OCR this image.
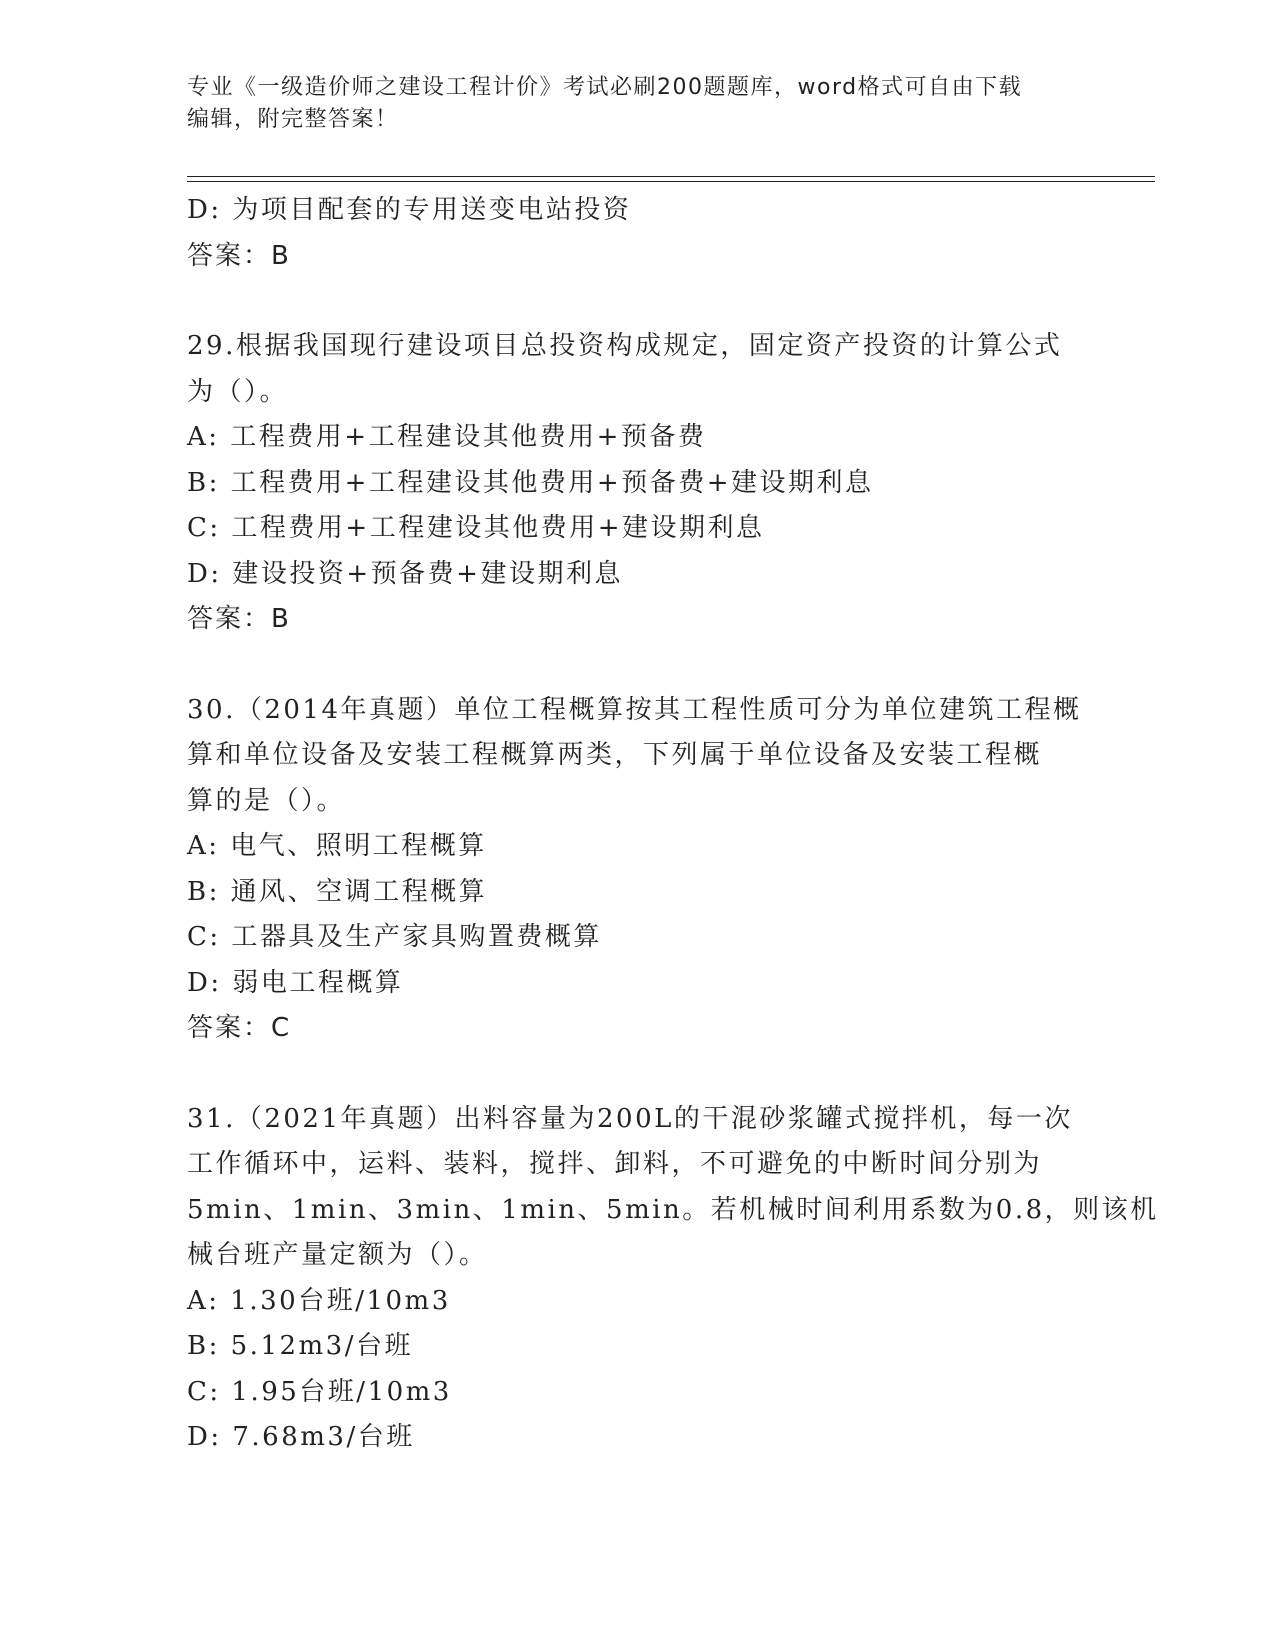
专业《一级造价师之建设工程计价》考试必刷200题题库，word格式可自由下载
编辑，附完整答案！
D: 为项目配套的专用送变电站投资
答案：B
29.根据我国现行建设项目总投资构成规定，固定资产投资的计算公式
为（）。
A: 工程费用+工程建设其他费用+预备费
B: 工程费用+工程建设其他费用+预备费+建设期利息
C: 工程费用+工程建设其他费用+建设期利息
D: 建设投资+预备费+建设期利息
答案：B
30.（2014年真题）单位工程概算按其工程性质可分为单位建筑工程概
算和单位设备及安装工程概算两类，下列属于单位设备及安装工程概
算的是（）。
A: 电气、照明工程概算
B: 通风、空调工程概算
C: 工器具及生产家具购置费概算
D: 弱电工程概算
答案：C
31.（2021年真题）出料容量为200L的干混砂浆罐式搅拌机，每一次
工作循环中，运料、装料，搅拌、卸料，不可避免的中断时间分别为
5min、1min、3min、1min、5min。若机械时间利用系数为0.8，则该机
械台班产量定额为（）。
A: 1.30台班/10m3
B: 5.12m3/台班
C: 1.95台班/10m3
D: 7.68m3/台班
